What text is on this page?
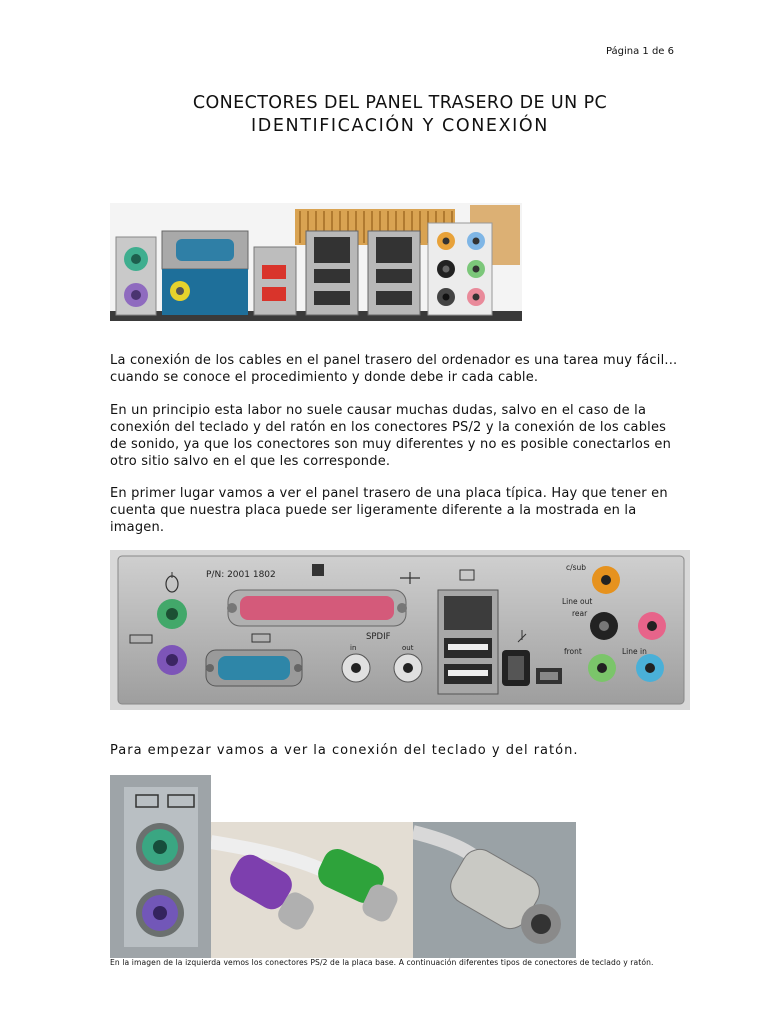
Página 1 de 6
CONECTORES DEL PANEL TRASERO DE UN PC
IDENTIFICACIÓN Y CONEXIÓN
La conexión de los cables en el panel trasero del ordenador es una tarea muy fácil... cuando se conoce el procedimiento y donde debe ir cada cable.
En un principio esta labor no suele causar muchas dudas, salvo en el caso de la conexión del teclado y del ratón en los conectores PS/2 y la conexión de los cables de sonido, ya que los conectores son muy diferentes y no es posible conectarlos en otro sitio salvo en el que les corresponde.
En primer lugar vamos a ver el panel trasero de una placa típica. Hay que tener en cuenta que nuestra placa puede ser ligeramente diferente a la mostrada en la imagen.
P/N: 2001 1802
SPDIF
in	out
c/sub
Line out
rear
front	Line in
Para empezar vamos a ver la conexión del teclado y del ratón.
En la imagen de la izquierda vemos los conectores PS/2 de la placa base. A continuación diferentes tipos de conectores de teclado y ratón.
